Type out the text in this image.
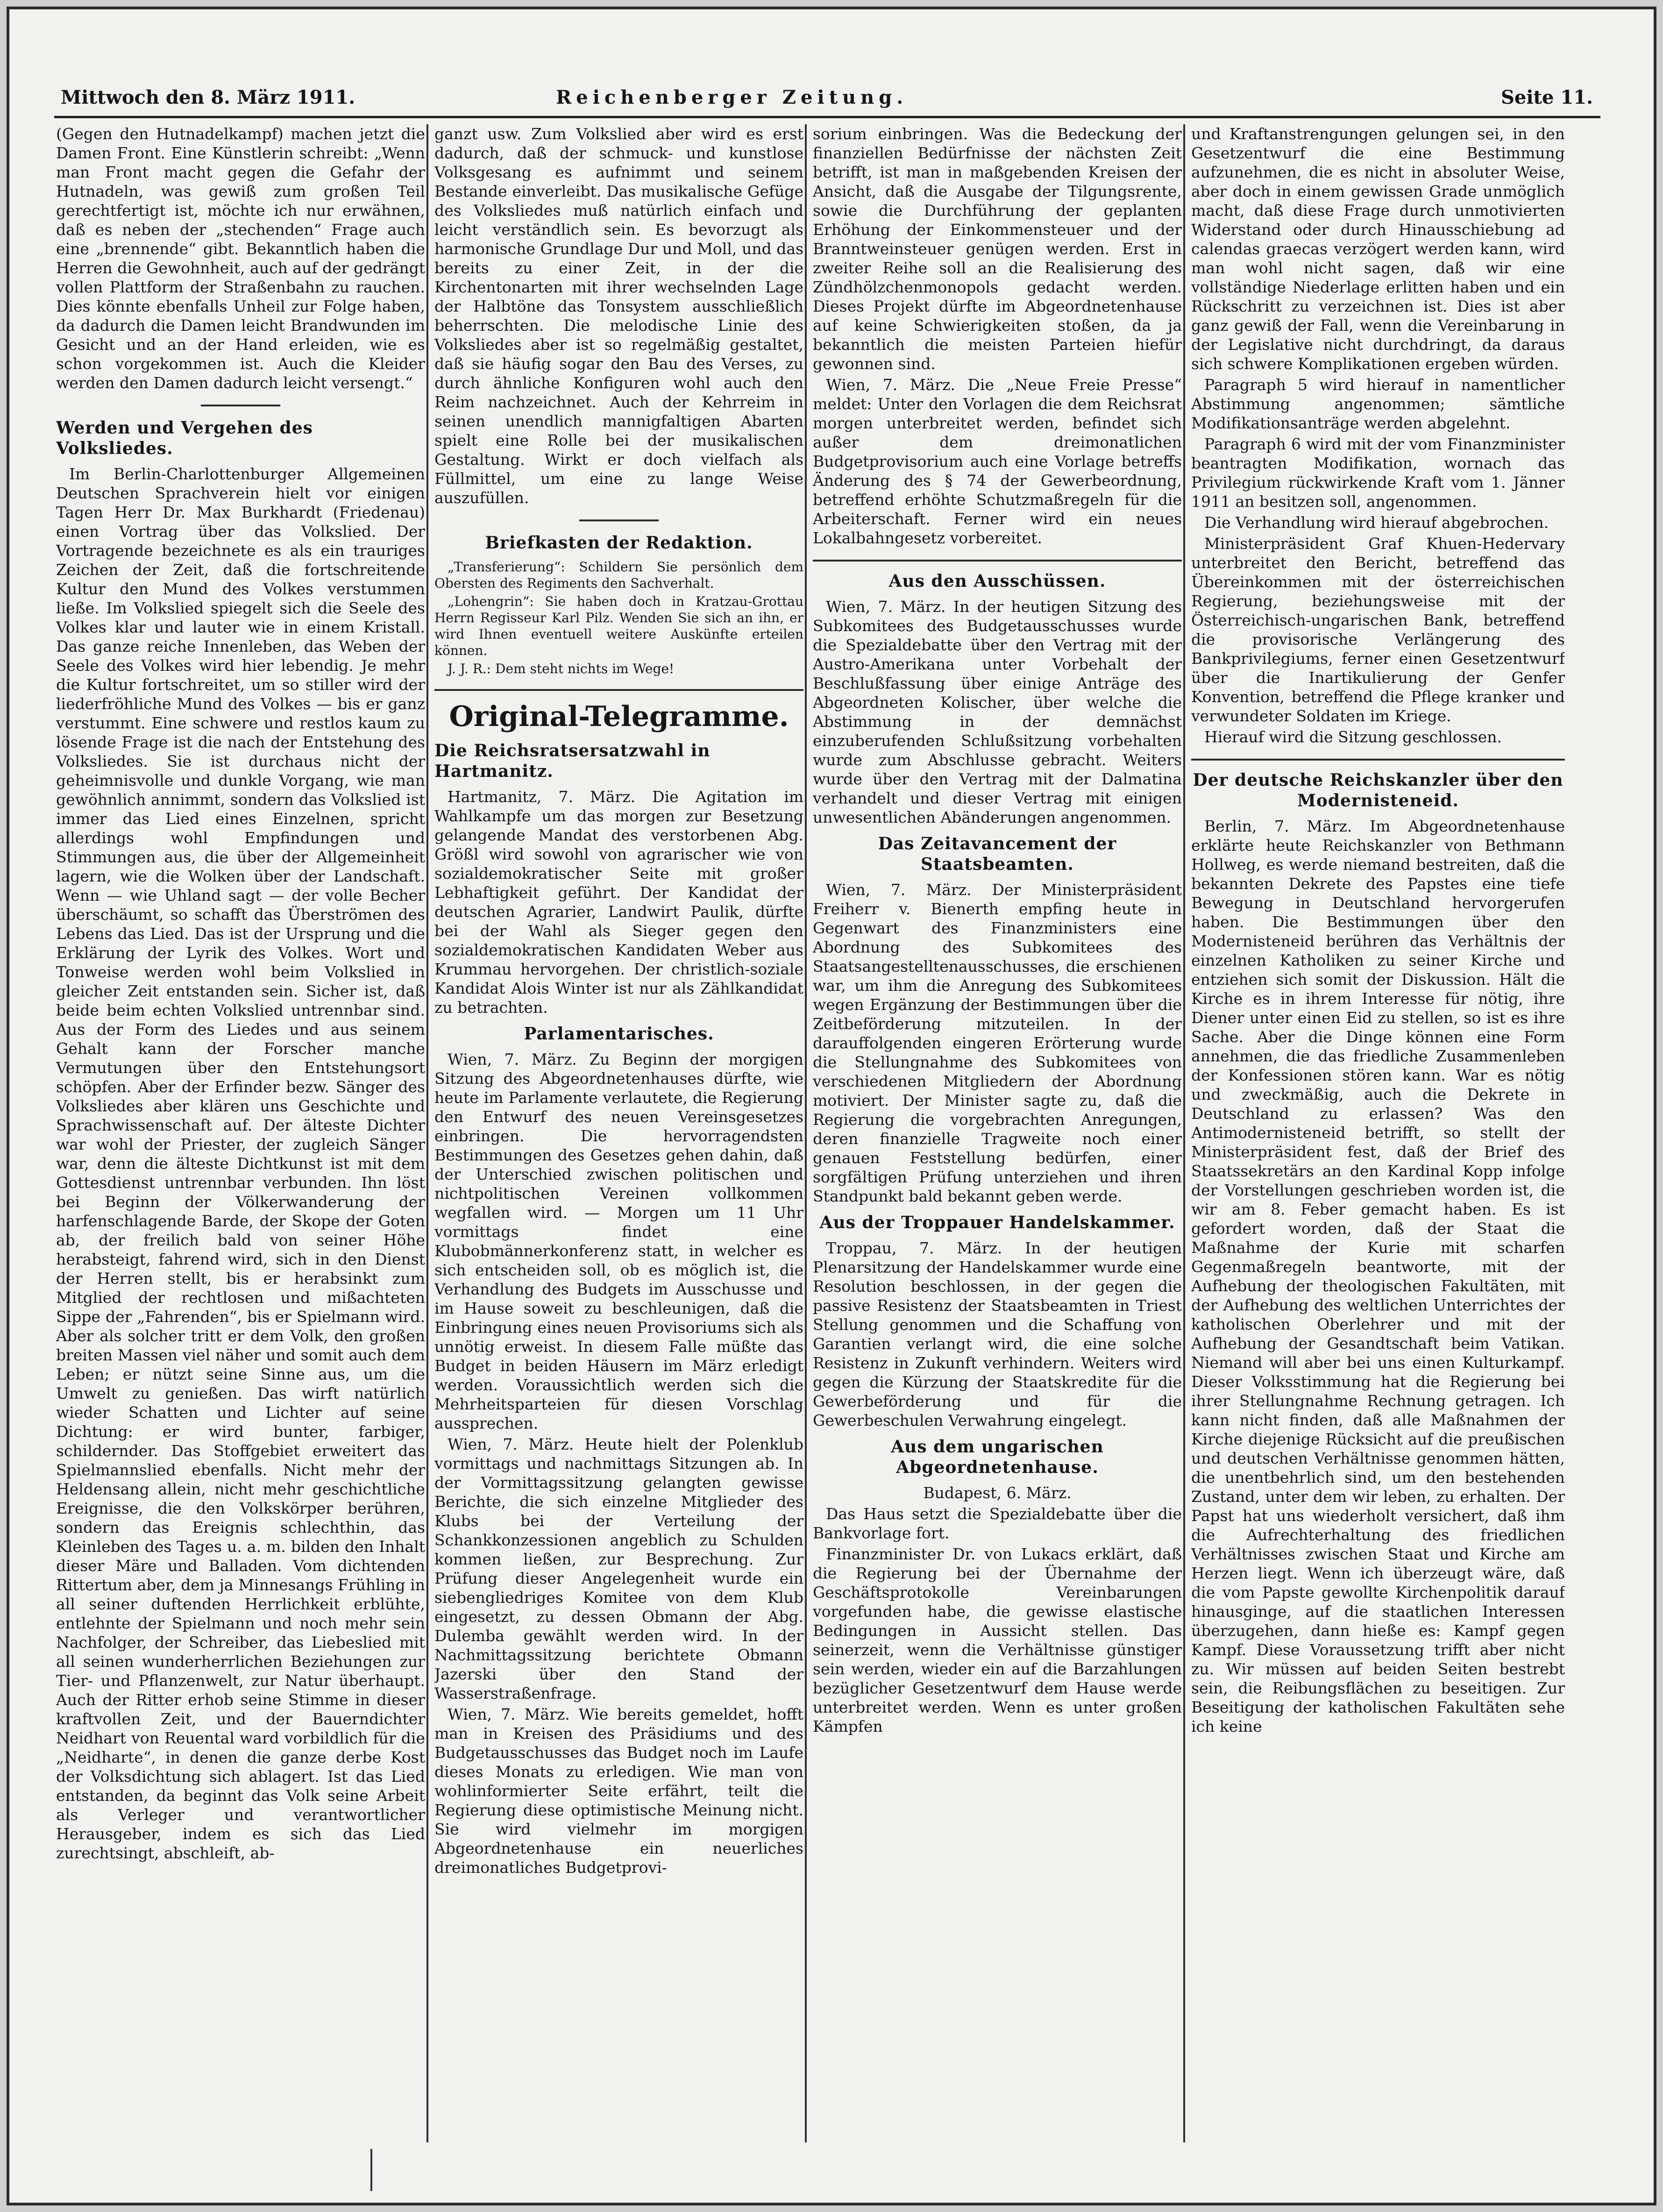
Mittwoch den 8. März 1911.	Reichenberger Zeitung.	Seite 11.

(Gegen den Hutnadelkampf) machen jetzt die Damen Front. Eine Künstlerin schreibt: „Wenn man Front macht gegen die Gefahr der Hutnadeln, was gewiß zum großen Teil gerechtfertigt ist, möchte ich nur erwähnen, daß es neben der „stechenden“ Frage auch eine „brennende“ gibt. Bekanntlich haben die Herren die Gewohnheit, auch auf der gedrängt vollen Plattform der Straßenbahn zu rauchen. Dies könnte ebenfalls Unheil zur Folge haben, da dadurch die Damen leicht Brandwunden im Gesicht und an der Hand erleiden, wie es schon vorgekommen ist. Auch die Kleider werden den Damen dadurch leicht versengt.“

Werden und Vergehen des Volksliedes.

Im Berlin-Charlottenburger Allgemeinen Deutschen Sprachverein hielt vor einigen Tagen Herr Dr. Max Burkhardt (Friedenau) einen Vortrag über das Volkslied. Der Vortragende bezeichnete es als ein trauriges Zeichen der Zeit, daß die fortschreitende Kultur den Mund des Volkes verstummen ließe. Im Volkslied spiegelt sich die Seele des Volkes klar und lauter wie in einem Kristall. Das ganze reiche Innenleben, das Weben der Seele des Volkes wird hier lebendig. Je mehr die Kultur fortschreitet, um so stiller wird der liederfröhliche Mund des Volkes — bis er ganz verstummt. Eine schwere und restlos kaum zu lösende Frage ist die nach der Entstehung des Volksliedes. Sie ist durchaus nicht der geheimnisvolle und dunkle Vorgang, wie man gewöhnlich annimmt, sondern das Volkslied ist immer das Lied eines Einzelnen, spricht allerdings wohl Empfindungen und Stimmungen aus, die über der Allgemeinheit lagern, wie die Wolken über der Landschaft. Wenn — wie Uhland sagt — der volle Becher überschäumt, so schafft das Überströmen des Lebens das Lied. Das ist der Ursprung und die Erklärung der Lyrik des Volkes. Wort und Tonweise werden wohl beim Volkslied in gleicher Zeit entstanden sein. Sicher ist, daß beide beim echten Volkslied untrennbar sind. Aus der Form des Liedes und aus seinem Gehalt kann der Forscher manche Vermutungen über den Entstehungsort schöpfen. Aber der Erfinder bezw. Sänger des Volksliedes aber klären uns Geschichte und Sprachwissenschaft auf. Der älteste Dichter war wohl der Priester, der zugleich Sänger war, denn die älteste Dichtkunst ist mit dem Gottesdienst untrennbar verbunden. Ihn löst bei Beginn der Völkerwanderung der harfenschlagende Barde, der Skope der Goten ab, der freilich bald von seiner Höhe herabsteigt, fahrend wird, sich in den Dienst der Herren stellt, bis er herabsinkt zum Mitglied der rechtlosen und mißachteten Sippe der „Fahrenden“, bis er Spielmann wird. Aber als solcher tritt er dem Volk, den großen breiten Massen viel näher und somit auch dem Leben; er nützt seine Sinne aus, um die Umwelt zu genießen. Das wirft natürlich wieder Schatten und Lichter auf seine Dichtung: er wird bunter, farbiger, schildernder. Das Stoffgebiet erweitert das Spielmannslied ebenfalls. Nicht mehr der Heldensang allein, nicht mehr geschichtliche Ereignisse, die den Volkskörper berühren, sondern das Ereignis schlechthin, das Kleinleben des Tages u. a. m. bilden den Inhalt dieser Märe und Balladen. Vom dichtenden Rittertum aber, dem ja Minnesangs Frühling in all seiner duftenden Herrlichkeit erblühte, entlehnte der Spielmann und noch mehr sein Nachfolger, der Schreiber, das Liebeslied mit all seinen wunderherrlichen Beziehungen zur Tier- und Pflanzenwelt, zur Natur überhaupt. Auch der Ritter erhob seine Stimme in dieser kraftvollen Zeit, und der Bauerndichter Neidhart von Reuental ward vorbildlich für die „Neidharte“, in denen die ganze derbe Kost der Volksdichtung sich ablagert. Ist das Lied entstanden, da beginnt das Volk seine Arbeit als Verleger und verantwortlicher Herausgeber, indem es sich das Lied zurechtsingt, abschleift, ab-

ganzt usw. Zum Volkslied aber wird es erst dadurch, daß der schmuck- und kunstlose Volksgesang es aufnimmt und seinem Bestande einverleibt. Das musikalische Gefüge des Volksliedes muß natürlich einfach und leicht verständlich sein. Es bevorzugt als harmonische Grundlage Dur und Moll, und das bereits zu einer Zeit, in der die Kirchentonarten mit ihrer wechselnden Lage der Halbtöne das Tonsystem ausschließlich beherrschten. Die melodische Linie des Volksliedes aber ist so regelmäßig gestaltet, daß sie häufig sogar den Bau des Verses, zu durch ähnliche Konfiguren wohl auch den Reim nachzeichnet. Auch der Kehrreim in seinen unendlich mannigfaltigen Abarten spielt eine Rolle bei der musikalischen Gestaltung. Wirkt er doch vielfach als Füllmittel, um eine zu lange Weise auszufüllen.

Briefkasten der Redaktion.

„Transferierung“: Schildern Sie persönlich dem Obersten des Regiments den Sachverhalt.

„Lohengrin“: Sie haben doch in Kratzau-Grottau Herrn Regisseur Karl Pilz. Wenden Sie sich an ihn, er wird Ihnen eventuell weitere Auskünfte erteilen können.

J. J. R.: Dem steht nichts im Wege!

Original-Telegramme.
Die Reichsratsersatzwahl in Hartmanitz.

Hartmanitz, 7. März. Die Agitation im Wahlkampfe um das morgen zur Besetzung gelangende Mandat des verstorbenen Abg. Größl wird sowohl von agrarischer wie von sozialdemokratischer Seite mit großer Lebhaftigkeit geführt. Der Kandidat der deutschen Agrarier, Landwirt Paulik, dürfte bei der Wahl als Sieger gegen den sozialdemokratischen Kandidaten Weber aus Krummau hervorgehen. Der christlich-soziale Kandidat Alois Winter ist nur als Zählkandidat zu betrachten.

Parlamentarisches.

Wien, 7. März. Zu Beginn der morgigen Sitzung des Abgeordnetenhauses dürfte, wie heute im Parlamente verlautete, die Regierung den Entwurf des neuen Vereinsgesetzes einbringen. Die hervorragendsten Bestimmungen des Gesetzes gehen dahin, daß der Unterschied zwischen politischen und nichtpolitischen Vereinen vollkommen wegfallen wird. — Morgen um 11 Uhr vormittags findet eine Klubobmännerkonferenz statt, in welcher es sich entscheiden soll, ob es möglich ist, die Verhandlung des Budgets im Ausschusse und im Hause soweit zu beschleunigen, daß die Einbringung eines neuen Provisoriums sich als unnötig erweist. In diesem Falle müßte das Budget in beiden Häusern im März erledigt werden. Voraussichtlich werden sich die Mehrheitsparteien für diesen Vorschlag aussprechen.

Wien, 7. März. Heute hielt der Polenklub vormittags und nachmittags Sitzungen ab. In der Vormittagssitzung gelangten gewisse Berichte, die sich einzelne Mitglieder des Klubs bei der Verteilung der Schankkonzessionen angeblich zu Schulden kommen ließen, zur Besprechung. Zur Prüfung dieser Angelegenheit wurde ein siebengliedriges Komitee von dem Klub eingesetzt, zu dessen Obmann der Abg. Dulemba gewählt werden wird. In der Nachmittagssitzung berichtete Obmann Jazerski über den Stand der Wasserstraßenfrage.

Wien, 7. März. Wie bereits gemeldet, hofft man in Kreisen des Präsidiums und des Budgetausschusses das Budget noch im Laufe dieses Monats zu erledigen. Wie man von wohlinformierter Seite erfährt, teilt die Regierung diese optimistische Meinung nicht. Sie wird vielmehr im morgigen Abgeordnetenhause ein neuerliches dreimonatliches Budgetprovi-

sorium einbringen. Was die Bedeckung der finanziellen Bedürfnisse der nächsten Zeit betrifft, ist man in maßgebenden Kreisen der Ansicht, daß die Ausgabe der Tilgungsrente, sowie die Durchführung der geplanten Erhöhung der Einkommensteuer und der Branntweinsteuer genügen werden. Erst in zweiter Reihe soll an die Realisierung des Zündhölzchenmonopols gedacht werden. Dieses Projekt dürfte im Abgeordnetenhause auf keine Schwierigkeiten stoßen, da ja bekanntlich die meisten Parteien hiefür gewonnen sind.

Wien, 7. März. Die „Neue Freie Presse“ meldet: Unter den Vorlagen die dem Reichsrat morgen unterbreitet werden, befindet sich außer dem dreimonatlichen Budgetprovisorium auch eine Vorlage betreffs Änderung des § 74 der Gewerbeordnung, betreffend erhöhte Schutzmaßregeln für die Arbeiterschaft. Ferner wird ein neues Lokalbahngesetz vorbereitet.

Aus den Ausschüssen.

Wien, 7. März. In der heutigen Sitzung des Subkomitees des Budgetausschusses wurde die Spezialdebatte über den Vertrag mit der Austro-Amerikana unter Vorbehalt der Beschlußfassung über einige Anträge des Abgeordneten Kolischer, über welche die Abstimmung in der demnächst einzuberufenden Schlußsitzung vorbehalten wurde zum Abschlusse gebracht. Weiters wurde über den Vertrag mit der Dalmatina verhandelt und dieser Vertrag mit einigen unwesentlichen Abänderungen angenommen.

Das Zeitavancement der Staatsbeamten.

Wien, 7. März. Der Ministerpräsident Freiherr v. Bienerth empfing heute in Gegenwart des Finanzministers eine Abordnung des Subkomitees des Staatsangestelltenausschusses, die erschienen war, um ihm die Anregung des Subkomitees wegen Ergänzung der Bestimmungen über die Zeitbeförderung mitzuteilen. In der darauffolgenden eingeren Erörterung wurde die Stellungnahme des Subkomitees von verschiedenen Mitgliedern der Abordnung motiviert. Der Minister sagte zu, daß die Regierung die vorgebrachten Anregungen, deren finanzielle Tragweite noch einer genauen Feststellung bedürfen, einer sorgfältigen Prüfung unterziehen und ihren Standpunkt bald bekannt geben werde.

Aus der Troppauer Handelskammer.

Troppau, 7. März. In der heutigen Plenarsitzung der Handelskammer wurde eine Resolution beschlossen, in der gegen die passive Resistenz der Staatsbeamten in Triest Stellung genommen und die Schaffung von Garantien verlangt wird, die eine solche Resistenz in Zukunft verhindern. Weiters wird gegen die Kürzung der Staatskredite für die Gewerbeförderung und für die Gewerbeschulen Verwahrung eingelegt.

Aus dem ungarischen Abgeordnetenhause.

Budapest, 6. März.

Das Haus setzt die Spezialdebatte über die Bankvorlage fort.

Finanzminister Dr. von Lukacs erklärt, daß die Regierung bei der Übernahme der Geschäftsprotokolle Vereinbarungen vorgefunden habe, die gewisse elastische Bedingungen in Aussicht stellen. Das seinerzeit, wenn die Verhältnisse günstiger sein werden, wieder ein auf die Barzahlungen bezüglicher Gesetzentwurf dem Hause werde unterbreitet werden. Wenn es unter großen Kämpfen

und Kraftanstrengungen gelungen sei, in den Gesetzentwurf die eine Bestimmung aufzunehmen, die es nicht in absoluter Weise, aber doch in einem gewissen Grade unmöglich macht, daß diese Frage durch unmotivierten Widerstand oder durch Hinausschiebung ad calendas graecas verzögert werden kann, wird man wohl nicht sagen, daß wir eine vollständige Niederlage erlitten haben und ein Rückschritt zu verzeichnen ist. Dies ist aber ganz gewiß der Fall, wenn die Vereinbarung in der Legislative nicht durchdringt, da daraus sich schwere Komplikationen ergeben würden.

Paragraph 5 wird hierauf in namentlicher Abstimmung angenommen; sämtliche Modifikationsanträge werden abgelehnt.

Paragraph 6 wird mit der vom Finanzminister beantragten Modifikation, wornach das Privilegium rückwirkende Kraft vom 1. Jänner 1911 an besitzen soll, angenommen.

Die Verhandlung wird hierauf abgebrochen.

Ministerpräsident Graf Khuen-Hedervary unterbreitet den Bericht, betreffend das Übereinkommen mit der österreichischen Regierung, beziehungsweise mit der Österreichisch-ungarischen Bank, betreffend die provisorische Verlängerung des Bankprivilegiums, ferner einen Gesetzentwurf über die Inartikulierung der Genfer Konvention, betreffend die Pflege kranker und verwundeter Soldaten im Kriege.

Hierauf wird die Sitzung geschlossen.

Der deutsche Reichskanzler über den Modernisteneid.

Berlin, 7. März. Im Abgeordnetenhause erklärte heute Reichskanzler von Bethmann Hollweg, es werde niemand bestreiten, daß die bekannten Dekrete des Papstes eine tiefe Bewegung in Deutschland hervorgerufen haben. Die Bestimmungen über den Modernisteneid berühren das Verhältnis der einzelnen Katholiken zu seiner Kirche und entziehen sich somit der Diskussion. Hält die Kirche es in ihrem Interesse für nötig, ihre Diener unter einen Eid zu stellen, so ist es ihre Sache. Aber die Dinge können eine Form annehmen, die das friedliche Zusammenleben der Konfessionen stören kann. War es nötig und zweckmäßig, auch die Dekrete in Deutschland zu erlassen? Was den Antimodernisteneid betrifft, so stellt der Ministerpräsident fest, daß der Brief des Staatssekretärs an den Kardinal Kopp infolge der Vorstellungen geschrieben worden ist, die wir am 8. Feber gemacht haben. Es ist gefordert worden, daß der Staat die Maßnahme der Kurie mit scharfen Gegenmaßregeln beantworte, mit der Aufhebung der theologischen Fakultäten, mit der Aufhebung des weltlichen Unterrichtes der katholischen Oberlehrer und mit der Aufhebung der Gesandtschaft beim Vatikan. Niemand will aber bei uns einen Kulturkampf. Dieser Volksstimmung hat die Regierung bei ihrer Stellungnahme Rechnung getragen. Ich kann nicht finden, daß alle Maßnahmen der Kirche diejenige Rücksicht auf die preußischen und deutschen Verhältnisse genommen hätten, die unentbehrlich sind, um den bestehenden Zustand, unter dem wir leben, zu erhalten. Der Papst hat uns wiederholt versichert, daß ihm die Aufrechterhaltung des friedlichen Verhältnisses zwischen Staat und Kirche am Herzen liegt. Wenn ich überzeugt wäre, daß die vom Papste gewollte Kirchenpolitik darauf hinausginge, auf die staatlichen Interessen überzugehen, dann hieße es: Kampf gegen Kampf. Diese Voraussetzung trifft aber nicht zu. Wir müssen auf beiden Seiten bestrebt sein, die Reibungsflächen zu beseitigen. Zur Beseitigung der katholischen Fakultäten sehe ich keine
